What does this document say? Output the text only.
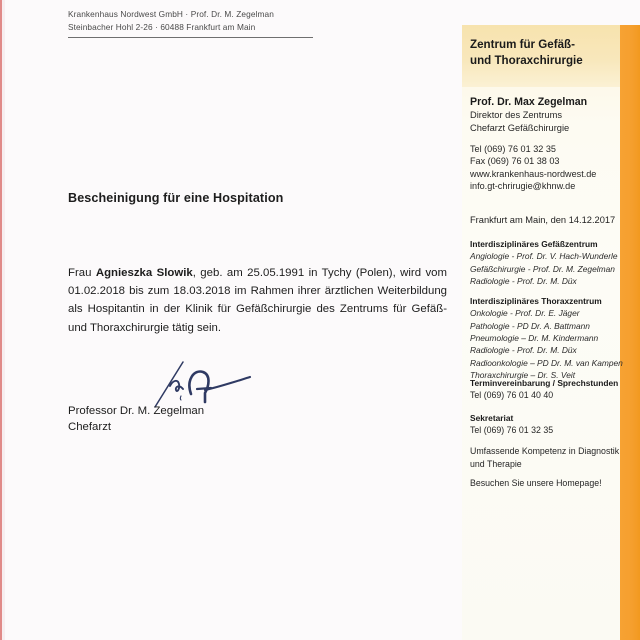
Krankenhaus Nordwest GmbH · Prof. Dr. M. Zegelman
Steinbacher Hohl 2-26 · 60488 Frankfurt am Main
Bescheinigung für eine Hospitation
Frau Agnieszka Slowik, geb. am 25.05.1991 in Tychy (Polen), wird vom 01.02.2018 bis zum 18.03.2018 im Rahmen ihrer ärztlichen Weiterbildung als Hospitantin in der Klinik für Gefäßchirurgie des Zentrums für Gefäß- und Thoraxchirurgie tätig sein.
Professor Dr. M. Zegelman
Chefarzt
Zentrum für Gefäß-
und Thoraxchirurgie
Prof. Dr. Max Zegelman
Direktor des Zentrums
Chefarzt Gefäßchirurgie
Tel (069) 76 01 32 35
Fax (069) 76 01 38 03
www.krankenhaus-nordwest.de
info.gt-chrirugie@khnw.de
Frankfurt am Main, den 14.12.2017
Interdisziplinäres Gefäßzentrum
Angiologie - Prof. Dr. V. Hach-Wunderle
Gefäßchirurgie - Prof. Dr. M. Zegelman
Radiologie - Prof. Dr. M. Düx
Interdisziplinäres Thoraxzentrum
Onkologie - Prof. Dr. E. Jäger
Pathologie - PD Dr. A. Battmann
Pneumologie – Dr. M. Kindermann
Radiologie - Prof. Dr. M. Düx
Radioonkologie – PD Dr. M. van Kampen
Thoraxchirurgie – Dr. S. Veit
Terminvereinbarung / Sprechstunden
Tel (069) 76 01 40 40
Sekretariat
Tel (069) 76 01 32 35
Umfassende Kompetenz in Diagnostik
und Therapie
Besuchen Sie unsere Homepage!
